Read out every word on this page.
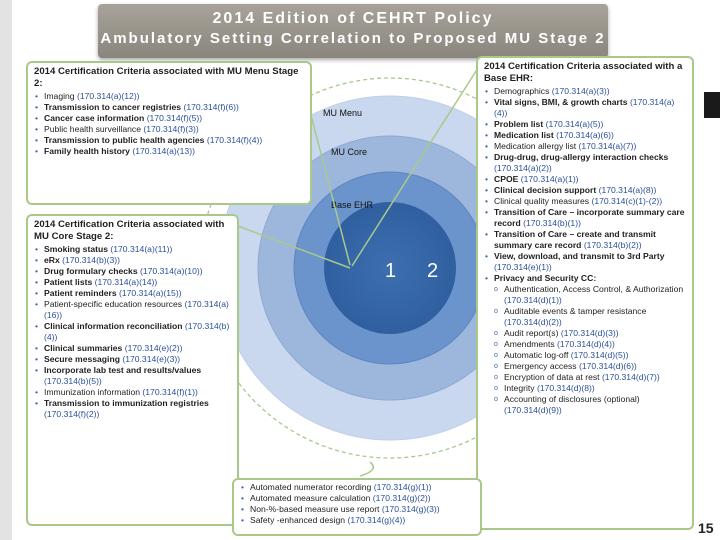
2014 Edition of CEHRT Policy
Ambulatory Setting Correlation to Proposed MU Stage 2
MU Menu
MU Core
Base EHR
1 2
2014 Certification Criteria associated with MU Menu Stage 2:
• Imaging (170.314(a)(12))
• Transmission to cancer registries (170.314(f)(6))
• Cancer case information (170.314(f)(5))
• Public health surveillance (170.314(f)(3))
• Transmission to public health agencies (170.314(f)(4))
• Family health history (170.314(a)(13))
2014 Certification Criteria associated with MU Core Stage 2:
• Smoking status (170.314(a)(11))
• eRx (170.314(b)(3))
• Drug formulary checks (170.314(a)(10))
• Patient lists (170.314(a)(14))
• Patient reminders (170.314(a)(15))
• Patient-specific education resources (170.314(a)(16))
• Clinical information reconciliation (170.314(b)(4))
• Clinical summaries (170.314(e)(2))
• Secure messaging (170.314(e)(3))
• Incorporate lab test and results/values (170.314(b)(5))
• Immunization information (170.314(f)(1))
• Transmission to immunization registries (170.314(f)(2))
2014 Certification Criteria associated with a Base EHR:
• Demographics (170.314(a)(3))
• Vital signs, BMI, & growth charts (170.314(a)(4))
• Problem list (170.314(a)(5))
• Medication list (170.314(a)(6))
• Medication allergy list (170.314(a)(7))
• Drug-drug, drug-allergy interaction checks (170.314(a)(2))
• CPOE (170.314(a)(1))
• Clinical decision support (170.314(a)(8))
• Clinical quality measures (170.314(c)(1)-(2))
• Transition of Care – incorporate summary care record (170.314(b)(1))
• Transition of Care – create and transmit summary care record (170.314(b)(2))
• View, download, and transmit to 3rd Party (170.314(e)(1))
• Privacy and Security CC:
o Authentication, Access Control, & Authorization (170.314(d)(1))
o Auditable events & tamper resistance (170.314(d)(2))
o Audit report(s) (170.314(d)(3))
o Amendments (170.314(d)(4))
o Automatic log-off (170.314(d)(5))
o Emergency access (170.314(d)(6))
o Encryption of data at rest (170.314(d)(7))
o Integrity (170.314(d)(8))
o Accounting of disclosures (optional) (170.314(d)(9))
• Automated numerator recording (170.314(g)(1))
• Automated measure calculation (170.314(g)(2))
• Non-%-based measure use report (170.314(g)(3))
• Safety -enhanced design (170.314(g)(4))	15
